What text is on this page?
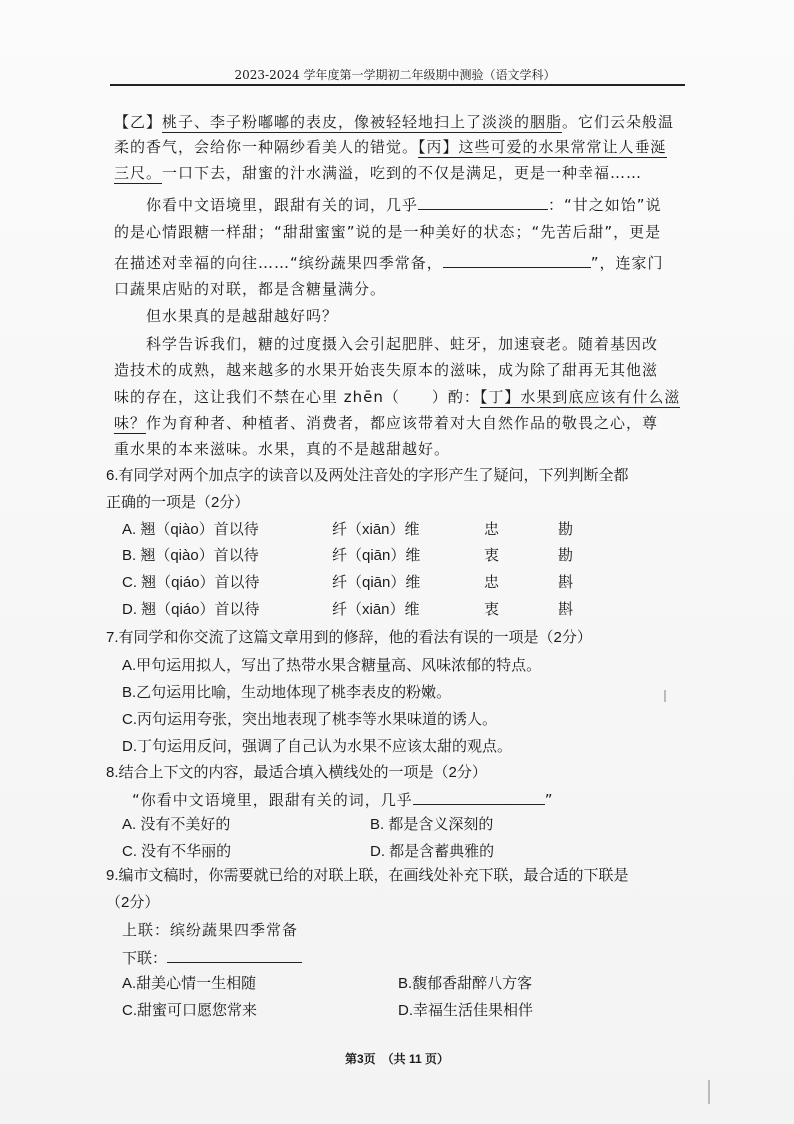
2023-2024 学年度第一学期初二年级期中测验（语文学科）
【乙】桃子、李子粉嘟嘟的表皮，像被轻轻地扫上了淡淡的胭脂。它们云朵般温
柔的香气，会给你一种隔纱看美人的错觉。【丙】这些可爱的水果常常让人垂涎
三尺。一口下去，甜蜜的汁水满溢，吃到的不仅是满足，更是一种幸福……
你看中文语境里，跟甜有关的词，几乎	：“甘之如饴”说
的是心情跟糖一样甜；“甜甜蜜蜜”说的是一种美好的状态；“先苦后甜”，更是
在描述对幸福的向往……“缤纷蔬果四季常备，	”，连家门
口蔬果店贴的对联，都是含糖量满分。
但水果真的是越甜越好吗？
科学告诉我们，糖的过度摄入会引起肥胖、蛀牙，加速衰老。随着基因改
造技术的成熟，越来越多的水果开始丧失原本的滋味，成为除了甜再无其他滋
味的存在，这让我们不禁在心里 zhēn（　　）酌：【丁】水果到底应该有什么滋
味？作为育种者、种植者、消费者，都应该带着对大自然作品的敬畏之心，尊
重水果的本来滋味。水果，真的不是越甜越好。
6.有同学对两个加点字的读音以及两处注音处的字形产生了疑问，下列判断全都
正确的一项是（2分）
A. 翘（qiào）首以待	纤（xiān）维	忠	勘
B. 翘（qiào）首以待	纤（qiān）维	衷	勘
C. 翘（qiáo）首以待	纤（qiān）维	忠	斟
D. 翘（qiáo）首以待	纤（xiān）维	衷	斟
7.有同学和你交流了这篇文章用到的修辞，他的看法有误的一项是（2分）
A.甲句运用拟人，写出了热带水果含糖量高、风味浓郁的特点。
B.乙句运用比喻，生动地体现了桃李表皮的粉嫩。
C.丙句运用夸张，突出地表现了桃李等水果味道的诱人。
D.丁句运用反问，强调了自己认为水果不应该太甜的观点。
8.结合上下文的内容，最适合填入横线处的一项是（2分）
“你看中文语境里，跟甜有关的词，几乎	”
A. 没有不美好的	B. 都是含义深刻的
C. 没有不华丽的	D. 都是含蓄典雅的
9.编市文稿时，你需要就已给的对联上联，在画线处补充下联，最合适的下联是
（2分）
上联：缤纷蔬果四季常备
下联：
A.甜美心情一生相随	B.馥郁香甜醉八方客
C.甜蜜可口愿您常来	D.幸福生活佳果相伴
第3页　（共 11 页）
